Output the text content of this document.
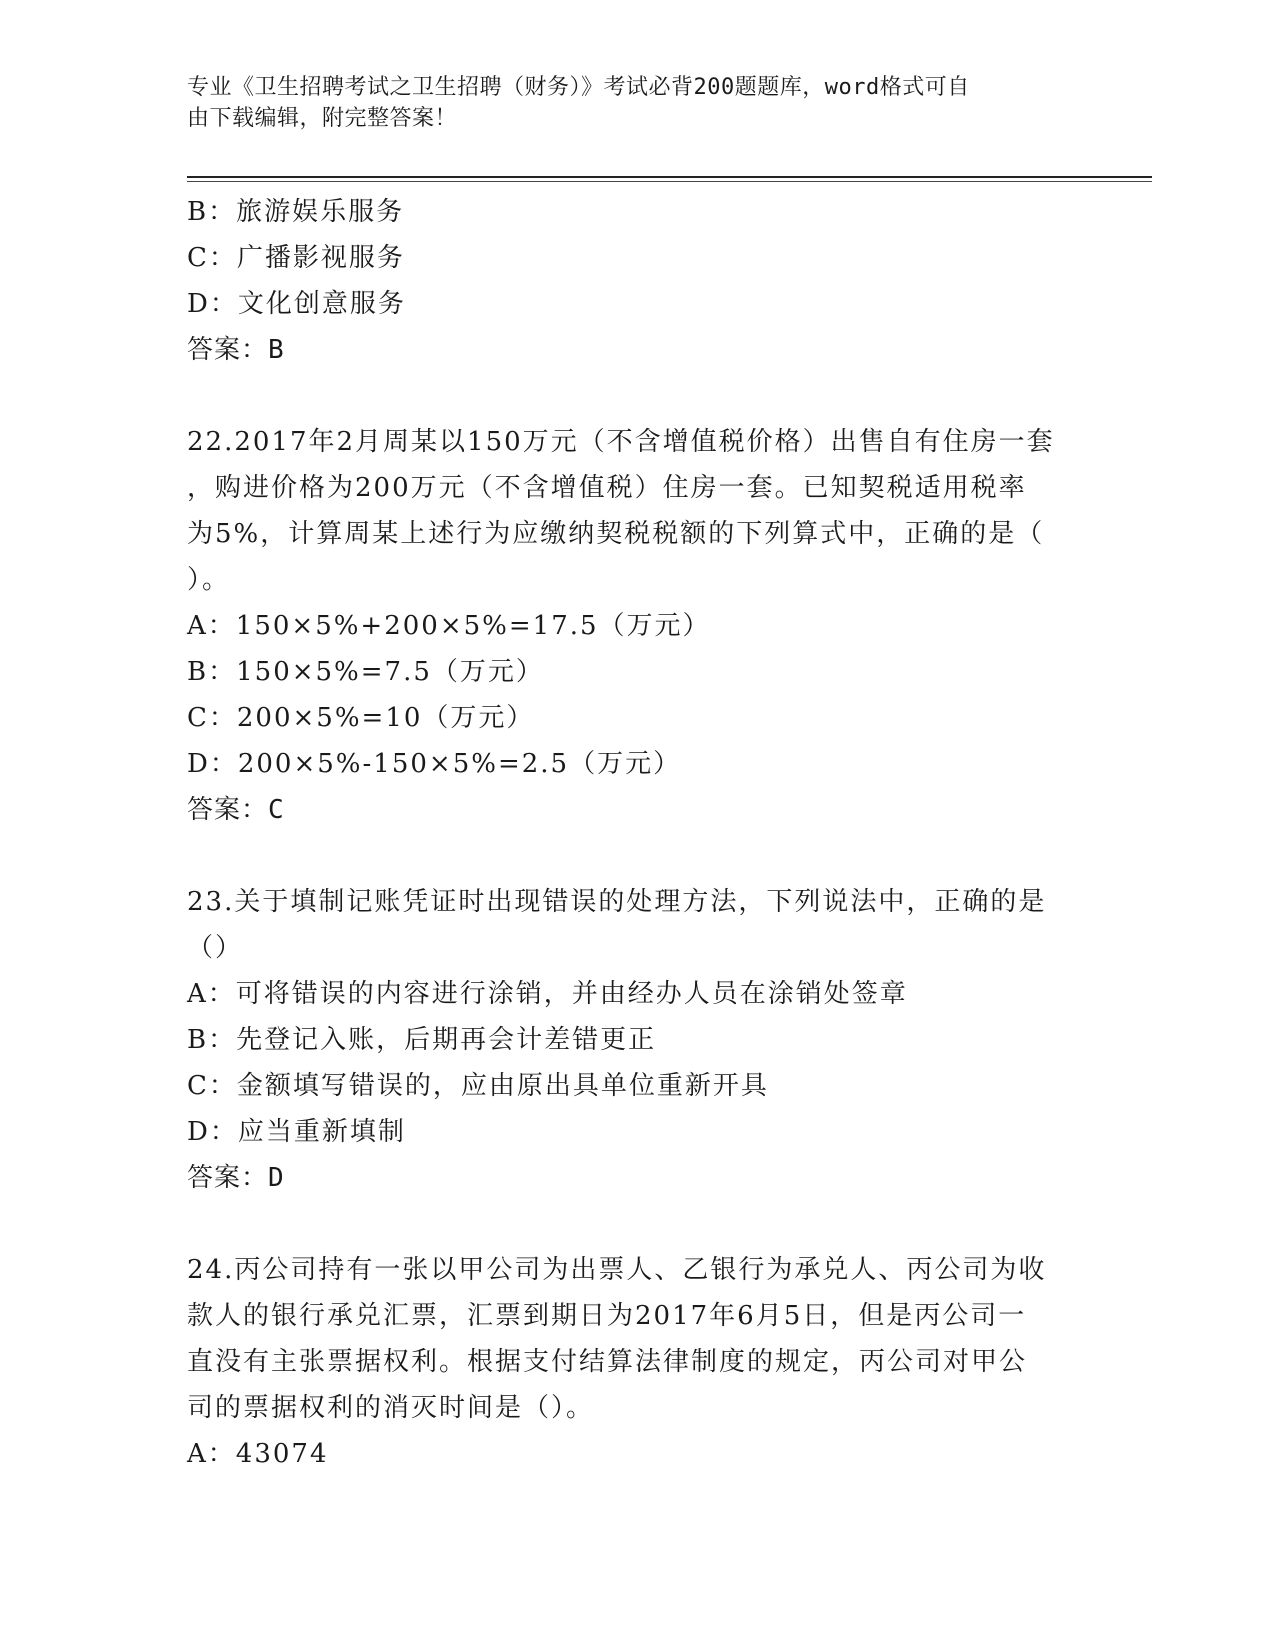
专业《卫生招聘考试之卫生招聘（财务）》考试必背200题题库，word格式可自
由下载编辑，附完整答案！
B：旅游娱乐服务
C：广播影视服务
D：文化创意服务
答案：B
22.2017年2月周某以150万元（不含增值税价格）出售自有住房一套
，购进价格为200万元（不含增值税）住房一套。已知契税适用税率
为5%，计算周某上述行为应缴纳契税税额的下列算式中，正确的是（
）。
A：150×5%+200×5%=17.5（万元）
B：150×5%=7.5（万元）
C：200×5%=10（万元）
D：200×5%-150×5%=2.5（万元）
答案：C
23.关于填制记账凭证时出现错误的处理方法，下列说法中，正确的是
（）
A：可将错误的内容进行涂销，并由经办人员在涂销处签章
B：先登记入账，后期再会计差错更正
C：金额填写错误的，应由原出具单位重新开具
D：应当重新填制
答案：D
24.丙公司持有一张以甲公司为出票人、乙银行为承兑人、丙公司为收
款人的银行承兑汇票，汇票到期日为2017年6月5日，但是丙公司一
直没有主张票据权利。根据支付结算法律制度的规定，丙公司对甲公
司的票据权利的消灭时间是（）。
A：43074
